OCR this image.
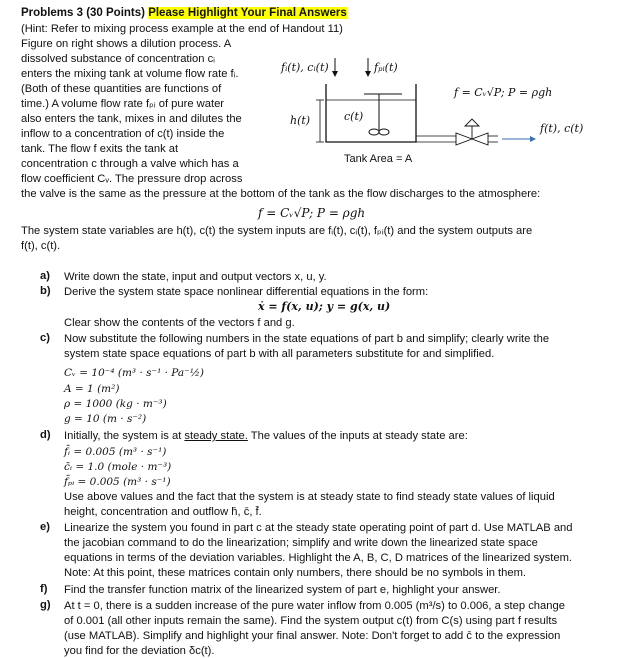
Problems 3 (30 Points) Please Highlight Your Final Answers
(Hint: Refer to mixing process example at the end of Handout 11)
Figure on right shows a dilution process. A
dissolved substance of concentration cᵢ
enters the mixing tank at volume flow rate fᵢ.
(Both of these quantities are functions of
time.) A volume flow rate fₚᵢ of pure water
also enters the tank, mixes in and dilutes the
inflow to a concentration of c(t) inside the
tank. The flow f exits the tank at
concentration c through a valve which has a
flow coefficient Cᵥ. The pressure drop across
the valve is the same as the pressure at the bottom of the tank as the flow discharges to the atmosphere:
fᵢ(t), cᵢ(t)	fₚᵢ(t)
f = Cᵥ√P; P = ρgh
h(t)	c(t)
f(t), c(t)
Tank Area = A
f = Cᵥ√P; P = ρgh
The system state variables are h(t), c(t) the system inputs are fᵢ(t), cᵢ(t), fₚᵢ(t) and the system outputs are
f(t), c(t).
a) Write down the state, input and output vectors x, u, y.
b) Derive the system state space nonlinear differential equations in the form:
ẋ = f(x, u); y = g(x, u)
Clear show the contents of the vectors f and g.
c) Now substitute the following numbers in the state equations of part b and simplify; clearly write the
system state space equations of part b with all parameters substitute for and simplified.
Cᵥ = 10⁻⁴ (m³ · s⁻¹ · Pa⁻½)
A = 1 (m²)
ρ = 1000 (kg · m⁻³)
g = 10 (m · s⁻²)
d) Initially, the system is at steady state. The values of the inputs at steady state are:
f̄ᵢ = 0.005 (m³ · s⁻¹)
c̄ᵢ = 1.0 (mole · m⁻³)
f̄ₚᵢ = 0.005 (m³ · s⁻¹)
Use above values and the fact that the system is at steady state to find steady state values of liquid
height, concentration and outflow h̄, c̄, f̄.
e) Linearize the system you found in part c at the steady state operating point of part d. Use MATLAB and
the jacobian command to do the linearization; simplify and write down the linearized state space
equations in terms of the deviation variables. Highlight the A, B, C, D matrices of the linearized system.
Note: At this point, these matrices contain only numbers, there should be no symbols in them.
f) Find the transfer function matrix of the linearized system of part e, highlight your answer.
g) At t = 0, there is a sudden increase of the pure water inflow from 0.005 (m³/s) to 0.006, a step change
of 0.001 (all other inputs remain the same). Find the system output c(t) from C(s) using part f results
(use MATLAB). Simplify and highlight your final answer. Note: Don't forget to add c̄ to the expression
you find for the deviation δc(t).
